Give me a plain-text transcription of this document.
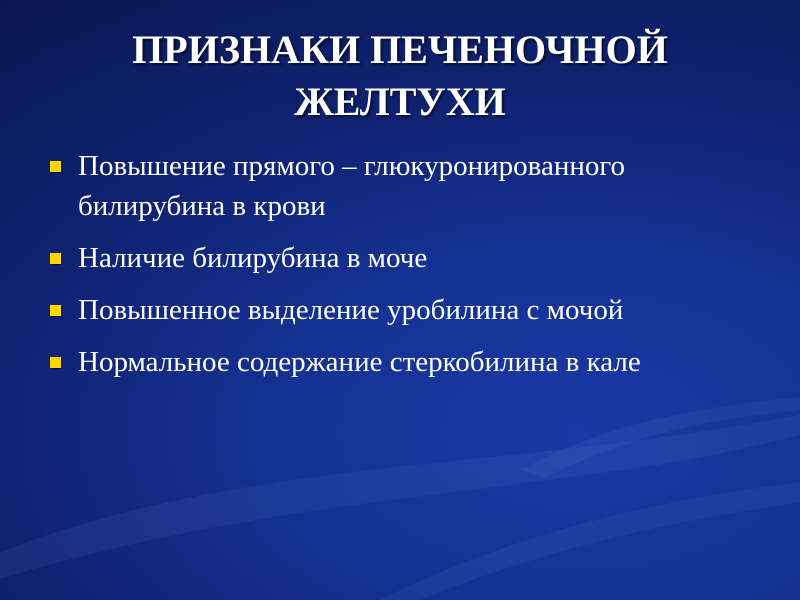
ПРИЗНАКИ ПЕЧЕНОЧНОЙ
ЖЕЛТУХИ
Повышение прямого – глюкуронированного билирубина в крови
Наличие билирубина в моче
Повышенное выделение уробилина с мочой
Нормальное содержание стеркобилина в кале
